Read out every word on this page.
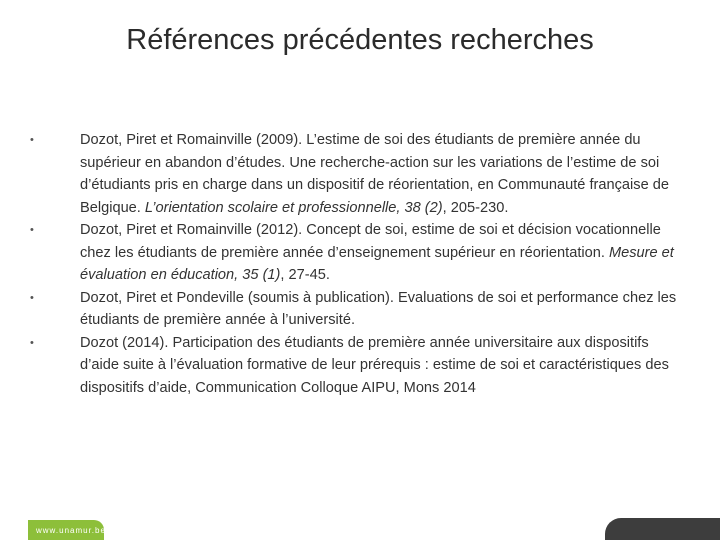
Références précédentes recherches
•	Dozot, Piret et Romainville (2009). L’estime de soi des étudiants de première année du supérieur en abandon d’études. Une recherche-action sur les variations de l’estime de soi d’étudiants pris en charge dans un dispositif de réorientation, en Communauté française de Belgique. L’orientation scolaire et professionnelle, 38 (2), 205-230.
•	Dozot, Piret et Romainville (2012). Concept de soi, estime de soi et décision vocationnelle chez les étudiants de première année d’enseignement supérieur en réorientation. Mesure et évaluation en éducation, 35 (1), 27-45.
•	Dozot, Piret et Pondeville (soumis à publication). Evaluations de soi et performance chez les étudiants de première année à l’université.
•	Dozot (2014). Participation des étudiants de première année universitaire aux dispositifs d’aide suite à l’évaluation formative de leur prérequis : estime de soi et caractéristiques des dispositifs d’aide, Communication Colloque AIPU, Mons 2014
www.unamur.be
